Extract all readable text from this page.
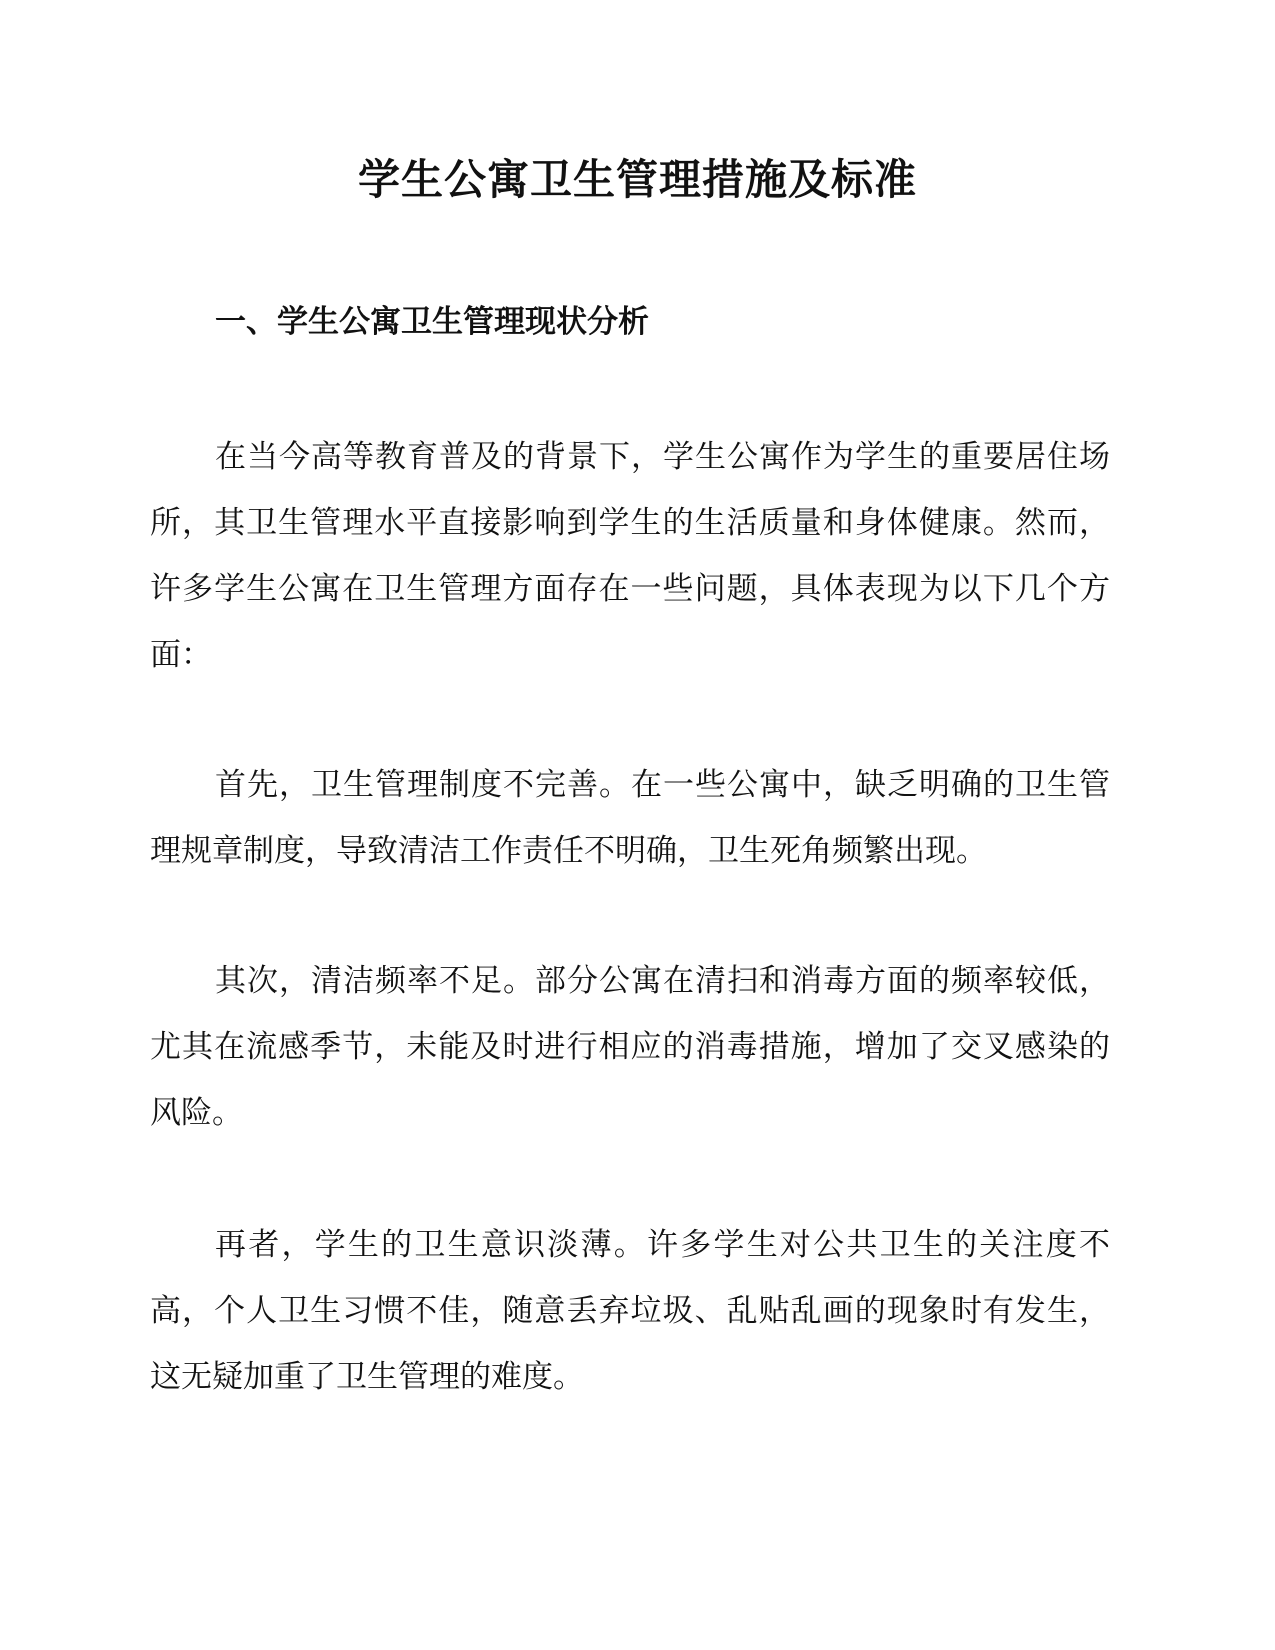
学生公寓卫生管理措施及标准
一、学生公寓卫生管理现状分析

在当今高等教育普及的背景下，学生公寓作为学生的重要居住场所，其卫生管理水平直接影响到学生的生活质量和身体健康。然而，许多学生公寓在卫生管理方面存在一些问题，具体表现为以下几个方面：

首先，卫生管理制度不完善。在一些公寓中，缺乏明确的卫生管理规章制度，导致清洁工作责任不明确，卫生死角频繁出现。

其次，清洁频率不足。部分公寓在清扫和消毒方面的频率较低，尤其在流感季节，未能及时进行相应的消毒措施，增加了交叉感染的风险。

再者，学生的卫生意识淡薄。许多学生对公共卫生的关注度不高，个人卫生习惯不佳，随意丢弃垃圾、乱贴乱画的现象时有发生，这无疑加重了卫生管理的难度。
